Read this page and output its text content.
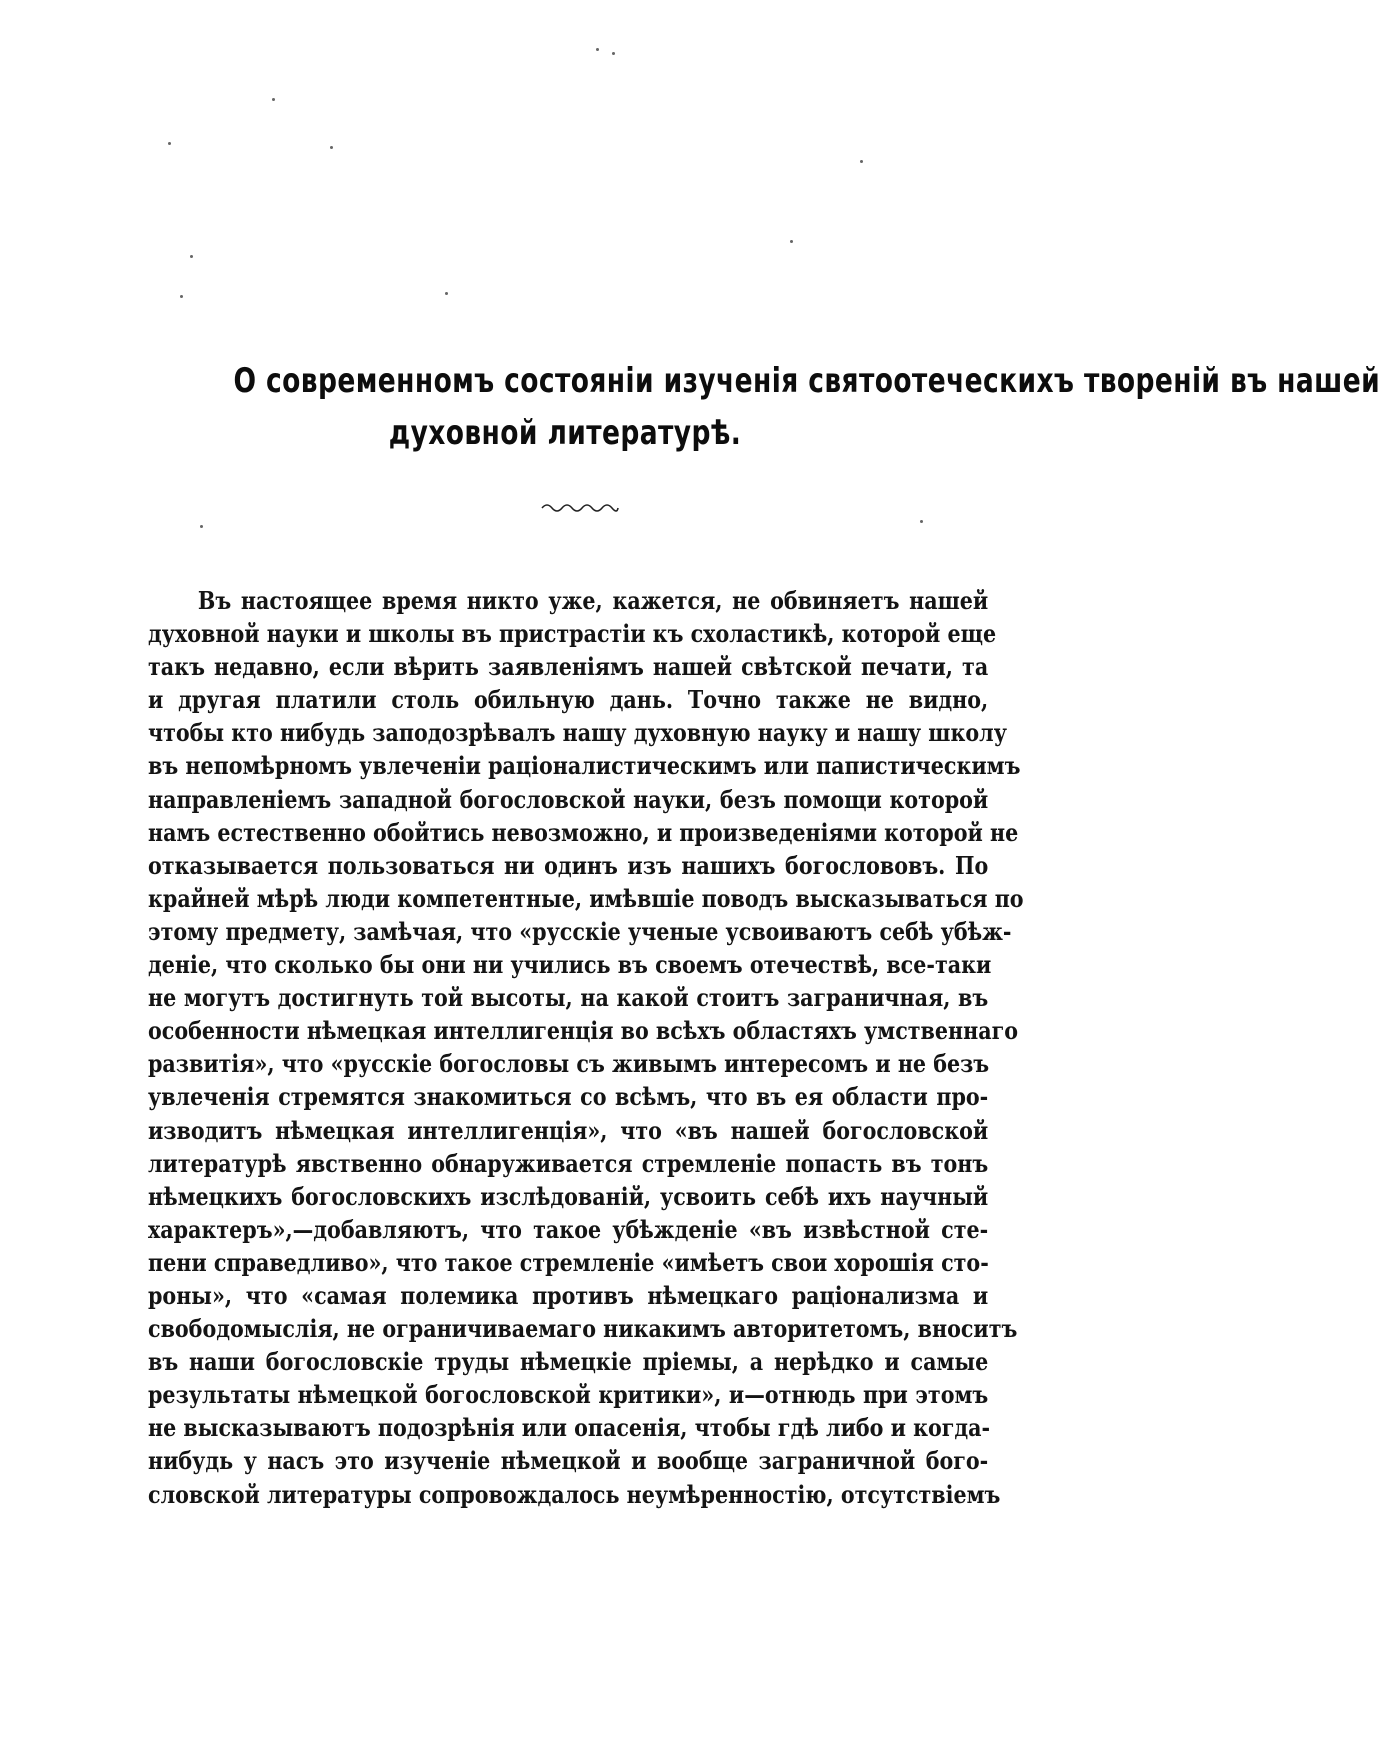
О современномъ состоянiи изученiя святоотеческихъ творенiй въ нашей
духовной литературѣ.
Въ настоящее время никто уже, кажется, не обвиняетъ нашей
духовной науки и школы въ пристрастiи къ схоластикѣ, которой еще
такъ недавно, если вѣрить заявленiямъ нашей свѣтской печати, та
и другая платили столь обильную дань. Точно также не видно,
чтобы кто нибудь заподозрѣвалъ нашу духовную науку и нашу школу
въ непомѣрномъ увлеченiи рацiоналистическимъ или папистическимъ
направленiемъ западной богословской науки, безъ помощи которой
намъ естественно обойтись невозможно, и произведенiями которой не
отказывается пользоваться ни одинъ изъ нашихъ богослововъ. По
крайней мѣрѣ люди компетентные, имѣвшiе поводъ высказываться по
этому предмету, замѣчая, что «русскiе ученые усвоиваютъ себѣ убѣж-
денiе, что сколько бы они ни учились въ своемъ отечествѣ, все-таки
не могутъ достигнуть той высоты, на какой стоитъ заграничная, въ
особенности нѣмецкая интеллигенцiя во всѣхъ областяхъ умственнаго
развитiя», что «русскiе богословы съ живымъ интересомъ и не безъ
увлеченiя стремятся знакомиться со всѣмъ, что въ ея области про-
изводитъ нѣмецкая интеллигенцiя», что «въ нашей богословской
литературѣ явственно обнаруживается стремленiе попасть въ тонъ
нѣмецкихъ богословскихъ изслѣдованiй, усвоить себѣ ихъ научный
характеръ»,—добавляютъ, что такое убѣжденiе «въ извѣстной сте-
пени справедливо», что такое стремленiе «имѣетъ свои хорошiя сто-
роны», что «самая полемика противъ нѣмецкаго рацiонализма и
свободомыслiя, не ограничиваемаго никакимъ авторитетомъ, вноситъ
въ наши богословскiе труды нѣмецкiе прiемы, а нерѣдко и самые
результаты нѣмецкой богословской критики», и—отнюдь при этомъ
не высказываютъ подозрѣнiя или опасенiя, чтобы гдѣ либо и когда-
нибудь у насъ это изученiе нѣмецкой и вообще заграничной бого-
словской литературы сопровождалось неумѣренностiю, отсутствiемъ
